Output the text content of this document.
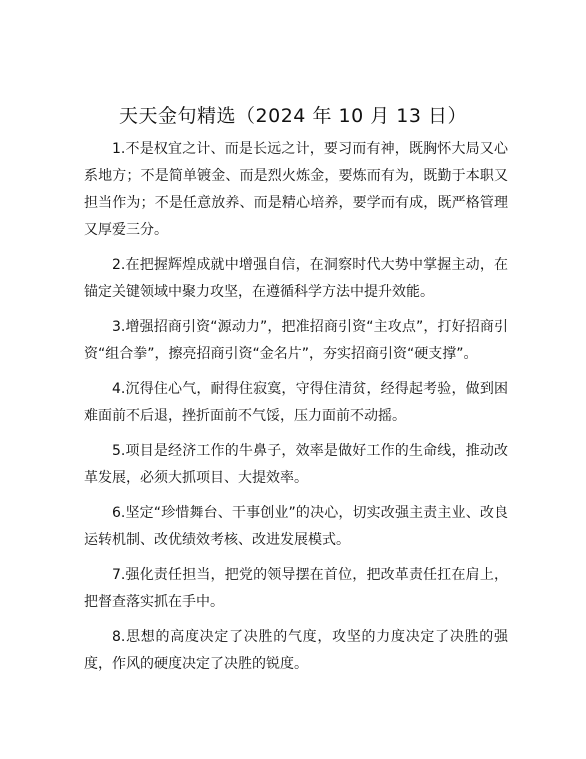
天天金句精选（2024 年 10 月 13 日）

1.不是权宜之计、而是长远之计，要习而有神，既胸怀大局又心系地方；不是简单镀金、而是烈火炼金，要炼而有为，既勤于本职又担当作为；不是任意放养、而是精心培养，要学而有成，既严格管理又厚爱三分。

2.在把握辉煌成就中增强自信，在洞察时代大势中掌握主动，在锚定关键领域中聚力攻坚，在遵循科学方法中提升效能。

3.增强招商引资“源动力”，把准招商引资“主攻点”，打好招商引资“组合拳”，擦亮招商引资“金名片”，夯实招商引资“硬支撑”。

4.沉得住心气，耐得住寂寞，守得住清贫，经得起考验，做到困难面前不后退，挫折面前不气馁，压力面前不动摇。

5.项目是经济工作的牛鼻子，效率是做好工作的生命线，推动改革发展，必须大抓项目、大提效率。

6.坚定“珍惜舞台、干事创业”的决心，切实改强主责主业、改良运转机制、改优绩效考核、改进发展模式。

7.强化责任担当，把党的领导摆在首位，把改革责任扛在肩上，把督查落实抓在手中。

8.思想的高度决定了决胜的气度，攻坚的力度决定了决胜的强度，作风的硬度决定了决胜的锐度。
